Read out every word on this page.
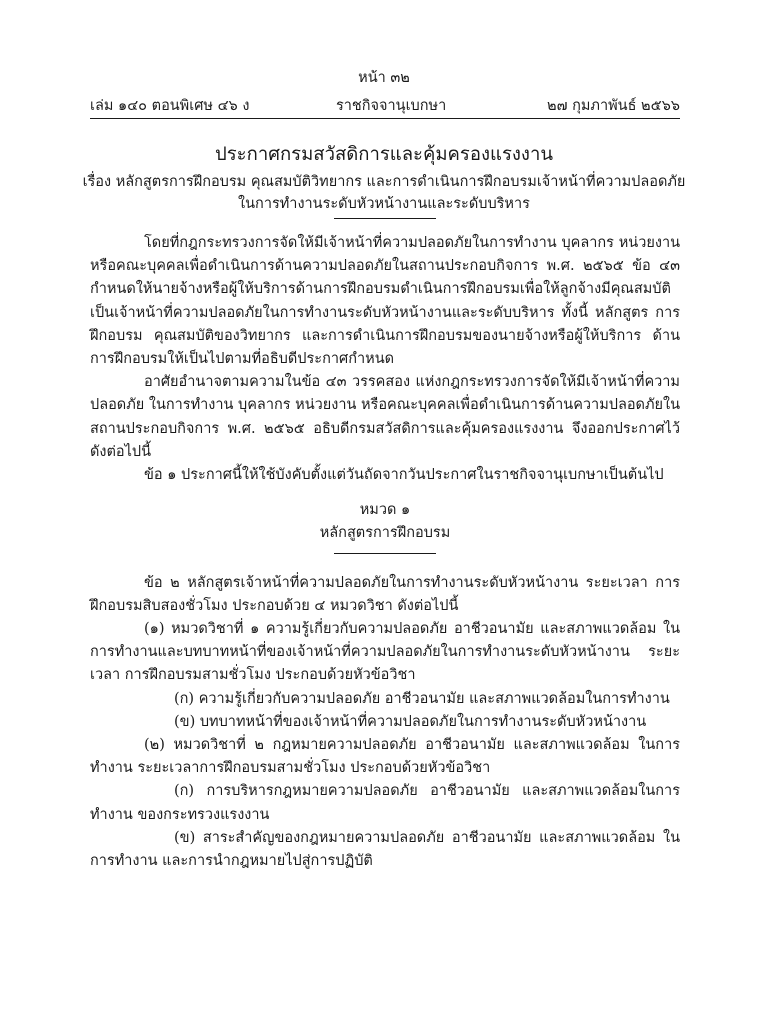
หน้า ๓๒
เล่ม ๑๔๐ ตอนพิเศษ ๔๖ ง	ราชกิจจานุเบกษา	๒๗ กุมภาพันธ์ ๒๕๖๖
ประกาศกรมสวัสดิการและคุ้มครองแรงงาน
เรื่อง หลักสูตรการฝึกอบรม คุณสมบัติวิทยากร และการดำเนินการฝึกอบรมเจ้าหน้าที่ความปลอดภัย
ในการทำงานระดับหัวหน้างานและระดับบริหาร

โดยที่กฎกระทรวงการจัดให้มีเจ้าหน้าที่ความปลอดภัยในการทำงาน บุคลากร หน่วยงาน หรือคณะบุคคลเพื่อดำเนินการด้านความปลอดภัยในสถานประกอบกิจการ พ.ศ. ๒๕๖๕ ข้อ ๔๓ กำหนดให้นายจ้างหรือผู้ให้บริการด้านการฝึกอบรมดำเนินการฝึกอบรมเพื่อให้ลูกจ้างมีคุณสมบัติ เป็นเจ้าหน้าที่ความปลอดภัยในการทำงานระดับหัวหน้างานและระดับบริหาร ทั้งนี้ หลักสูตร การฝึกอบรม คุณสมบัติของวิทยากร และการดำเนินการฝึกอบรมของนายจ้างหรือผู้ให้บริการ ด้านการฝึกอบรมให้เป็นไปตามที่อธิบดีประกาศกำหนด

อาศัยอำนาจตามความในข้อ ๔๓ วรรคสอง แห่งกฎกระทรวงการจัดให้มีเจ้าหน้าที่ความปลอดภัย ในการทำงาน บุคลากร หน่วยงาน หรือคณะบุคคลเพื่อดำเนินการด้านความปลอดภัยในสถานประกอบกิจการ พ.ศ. ๒๕๖๕ อธิบดีกรมสวัสดิการและคุ้มครองแรงงาน จึงออกประกาศไว้ ดังต่อไปนี้

ข้อ ๑ ประกาศนี้ให้ใช้บังคับตั้งแต่วันถัดจากวันประกาศในราชกิจจานุเบกษาเป็นต้นไป

หมวด ๑

หลักสูตรการฝึกอบรม

ข้อ ๒ หลักสูตรเจ้าหน้าที่ความปลอดภัยในการทำงานระดับหัวหน้างาน ระยะเวลา การฝึกอบรมสิบสองชั่วโมง ประกอบด้วย ๔ หมวดวิชา ดังต่อไปนี้

(๑) หมวดวิชาที่ ๑ ความรู้เกี่ยวกับความปลอดภัย อาชีวอนามัย และสภาพแวดล้อม ในการทำงานและบทบาทหน้าที่ของเจ้าหน้าที่ความปลอดภัยในการทำงานระดับหัวหน้างาน ระยะเวลา การฝึกอบรมสามชั่วโมง ประกอบด้วยหัวข้อวิชา

(ก) ความรู้เกี่ยวกับความปลอดภัย อาชีวอนามัย และสภาพแวดล้อมในการทำงาน

(ข) บทบาทหน้าที่ของเจ้าหน้าที่ความปลอดภัยในการทำงานระดับหัวหน้างาน

(๒) หมวดวิชาที่ ๒ กฎหมายความปลอดภัย อาชีวอนามัย และสภาพแวดล้อม ในการทำงาน ระยะเวลาการฝึกอบรมสามชั่วโมง ประกอบด้วยหัวข้อวิชา

(ก) การบริหารกฎหมายความปลอดภัย อาชีวอนามัย และสภาพแวดล้อมในการทำงาน ของกระทรวงแรงงาน

(ข) สาระสำคัญของกฎหมายความปลอดภัย อาชีวอนามัย และสภาพแวดล้อม ในการทำงาน และการนำกฎหมายไปสู่การปฏิบัติ
